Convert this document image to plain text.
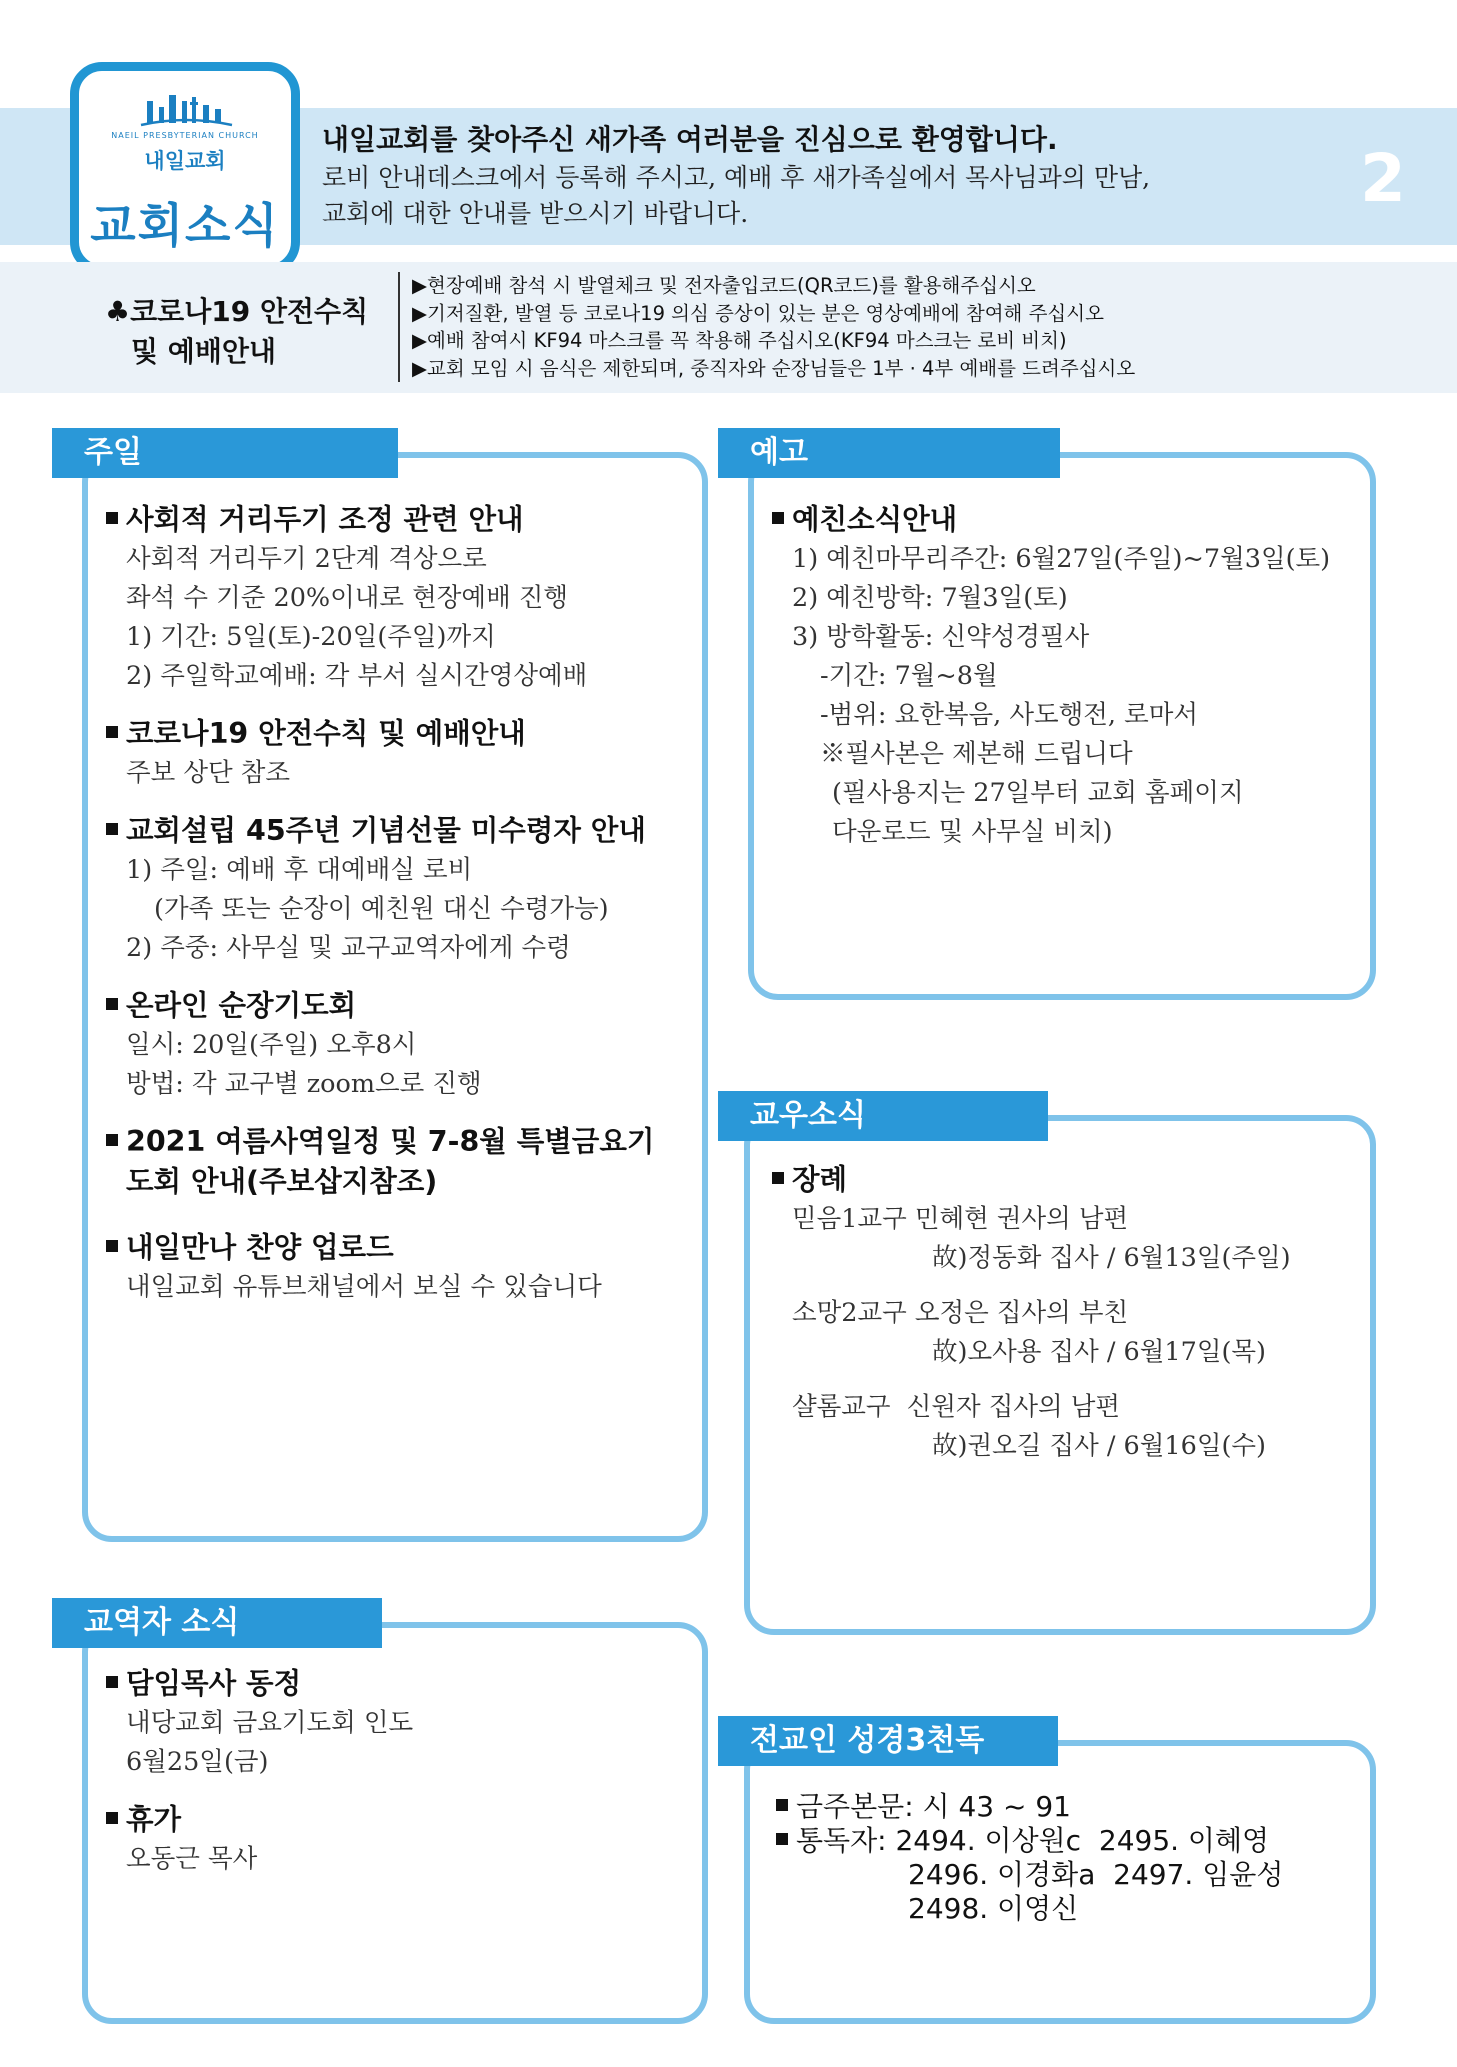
NAEIL PRESBYTERIAN CHURCH
내일교회
교회소식
내일교회를 찾아주신 새가족 여러분을 진심으로 환영합니다.
로비 안내데스크에서 등록해 주시고, 예배 후 새가족실에서 목사님과의 만남,
교회에 대한 안내를 받으시기 바랍니다.	2
♣코로나19 안전수칙
및 예배안내
▶현장예배 참석 시 발열체크 및 전자출입코드(QR코드)를 활용해주십시오
▶기저질환, 발열 등 코로나19 의심 증상이 있는 분은 영상예배에 참여해 주십시오
▶예배 참여시 KF94 마스크를 꼭 착용해 주십시오(KF94 마스크는 로비 비치)
▶교회 모임 시 음식은 제한되며, 중직자와 순장님들은 1부 · 4부 예배를 드려주십시오
주일
사회적 거리두기 조정 관련 안내
사회적 거리두기 2단계 격상으로
좌석 수 기준 20%이내로 현장예배 진행
1) 기간: 5일(토)-20일(주일)까지
2) 주일학교예배: 각 부서 실시간영상예배
코로나19 안전수칙 및 예배안내
주보 상단 참조
교회설립 45주년 기념선물 미수령자 안내
1) 주일: 예배 후 대예배실 로비
(가족 또는 순장이 예친원 대신 수령가능)
2) 주중: 사무실 및 교구교역자에게 수령
온라인 순장기도회
일시: 20일(주일) 오후8시
방법: 각 교구별 zoom으로 진행
2021 여름사역일정 및 7-8월 특별금요기
도회 안내(주보삽지참조)
내일만나 찬양 업로드
내일교회 유튜브채널에서 보실 수 있습니다
예고
예친소식안내
1) 예친마무리주간: 6월27일(주일)~7월3일(토)
2) 예친방학: 7월3일(토)
3) 방학활동: 신약성경필사
-기간: 7월~8월
-범위: 요한복음, 사도행전, 로마서
※필사본은 제본해 드립니다
(필사용지는 27일부터 교회 홈페이지
다운로드 및 사무실 비치)
교우소식
장례
믿음1교구 민혜현 권사의 남편
故)정동화 집사 / 6월13일(주일)
소망2교구 오정은 집사의 부친
故)오사용 집사 / 6월17일(목)
샬롬교구  신원자 집사의 남편
故)권오길 집사 / 6월16일(수)
교역자 소식
담임목사 동정
내당교회 금요기도회 인도
6월25일(금)
휴가
오동근 목사
전교인 성경3천독
금주본문: 시 43 ~ 91
통독자: 2494. 이상원c  2495. 이혜영
2496. 이경화a  2497. 임윤성
2498. 이영신
